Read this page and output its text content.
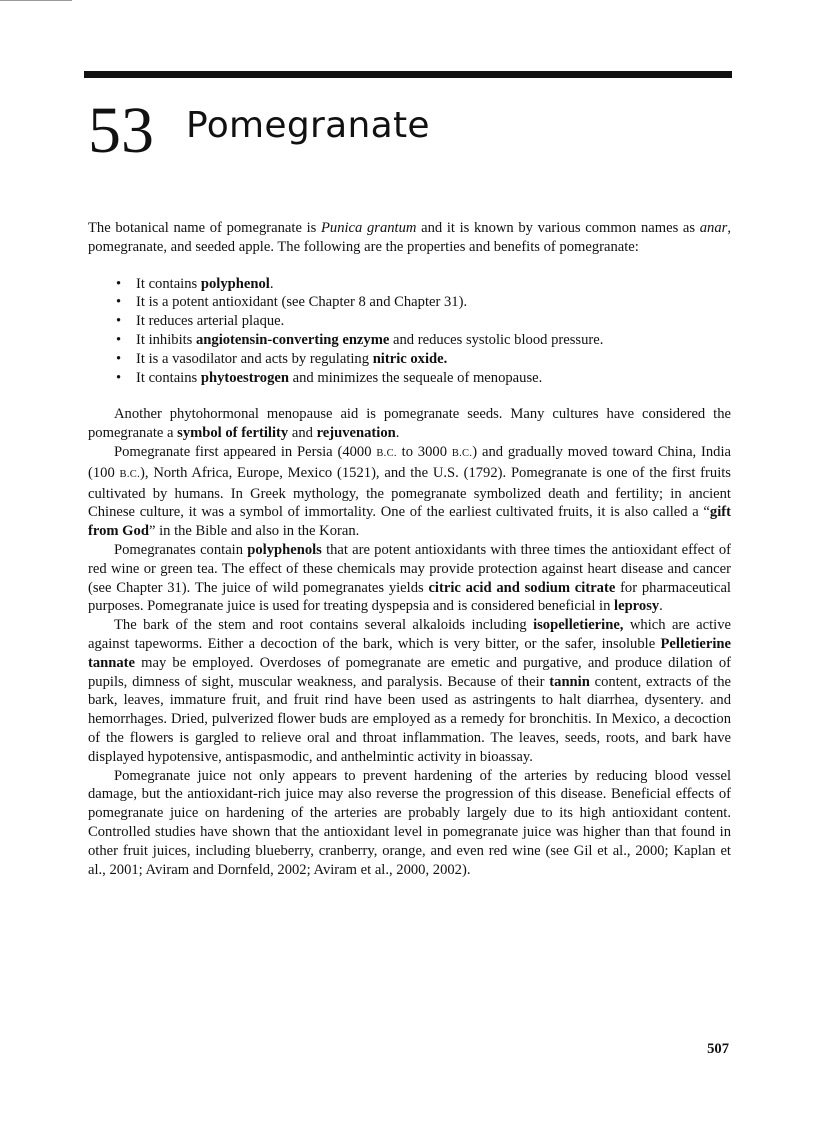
53 Pomegranate

The botanical name of pomegranate is Punica grantum and it is known by various common names as anar, pomegranate, and seeded apple. The following are the properties and benefits of pomegranate:

• It contains polyphenol.
• It is a potent antioxidant (see Chapter 8 and Chapter 31).
• It reduces arterial plaque.
• It inhibits angiotensin-converting enzyme and reduces systolic blood pressure.
• It is a vasodilator and acts by regulating nitric oxide.
• It contains phytoestrogen and minimizes the sequeale of menopause.

Another phytohormonal menopause aid is pomegranate seeds. Many cultures have considered the pomegranate a symbol of fertility and rejuvenation.

Pomegranate first appeared in Persia (4000 B.C. to 3000 B.C.) and gradually moved toward China, India (100 B.C.), North Africa, Europe, Mexico (1521), and the U.S. (1792). Pomegranate is one of the first fruits cultivated by humans. In Greek mythology, the pomegranate symbolized death and fertility; in ancient Chinese culture, it was a symbol of immortality. One of the earliest cultivated fruits, it is also called a “gift from God” in the Bible and also in the Koran.

Pomegranates contain polyphenols that are potent antioxidants with three times the antioxidant effect of red wine or green tea. The effect of these chemicals may provide protection against heart disease and cancer (see Chapter 31). The juice of wild pomegranates yields citric acid and sodium citrate for pharmaceutical purposes. Pomegranate juice is used for treating dyspepsia and is considered beneficial in leprosy.

The bark of the stem and root contains several alkaloids including isopelletierine, which are active against tapeworms. Either a decoction of the bark, which is very bitter, or the safer, insoluble Pelletierine tannate may be employed. Overdoses of pomegranate are emetic and purgative, and produce dilation of pupils, dimness of sight, muscular weakness, and paralysis. Because of their tannin content, extracts of the bark, leaves, immature fruit, and fruit rind have been used as astringents to halt diarrhea, dysentery. and hemorrhages. Dried, pulverized flower buds are employed as a remedy for bronchitis. In Mexico, a decoction of the flowers is gargled to relieve oral and throat inflammation. The leaves, seeds, roots, and bark have displayed hypotensive, antispasmodic, and anthelmintic activity in bioassay.

Pomegranate juice not only appears to prevent hardening of the arteries by reducing blood vessel damage, but the antioxidant-rich juice may also reverse the progression of this disease. Beneficial effects of pomegranate juice on hardening of the arteries are probably largely due to its high antioxidant content. Controlled studies have shown that the antioxidant level in pomegranate juice was higher than that found in other fruit juices, including blueberry, cranberry, orange, and even red wine (see Gil et al., 2000; Kaplan et al., 2001; Aviram and Dornfeld, 2002; Aviram et al., 2000, 2002).

507
